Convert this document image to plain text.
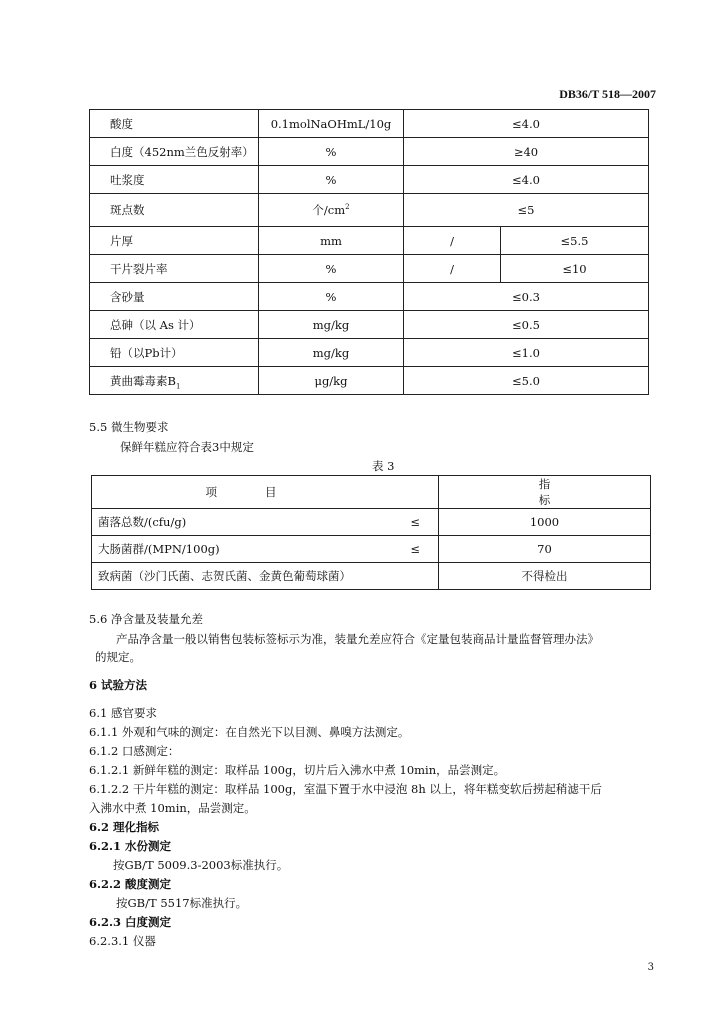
DB36/T 518—2007
酸度	0.1molNaOHmL/10g	≤4.0	
白度（452nm兰色反射率）	%	≥40	
吐浆度	%	≤4.0	
斑点数	个$/cm^2$	≤5	
片厚	mm	/	≤5.5
干片裂片率	%	/	≤10
含砂量	%	≤0.3	
总砷（以 As 计）	mg/kg	≤0.5	
铅（以Pb计）	mg/kg	≤1.0	
黄曲霉毒素$B_1$	μg/kg	≤5.0	
5.5 微生物要求
保鲜年糕应符合表3中规定
表 3
项目	指标
菌落总数/(cfu/g) ≤	1000
大肠菌群/(MPN/100g) ≤	70
致病菌（沙门氏菌、志贺氏菌、金黄色葡萄球菌）	不得检出
5.6 净含量及装量允差
产品净含量一般以销售包装标签标示为准，装量允差应符合《定量包装商品计量监督管理办法》
的规定。
6 试验方法
6.1 感官要求
6.1.1 外观和气味的测定：在自然光下以目测、鼻嗅方法测定。
6.1.2 口感测定：
6.1.2.1 新鲜年糕的测定：取样品 100g，切片后入沸水中煮 10min，品尝测定。
6.1.2.2 干片年糕的测定：取样品 100g，室温下置于水中浸泡 8h 以上，将年糕变软后捞起稍滤干后
入沸水中煮 10min，品尝测定。
6.2 理化指标
6.2.1 水份测定
按GB/T 5009.3-2003标准执行。
6.2.2 酸度测定
按GB/T 5517标准执行。
6.2.3 白度测定
6.2.3.1 仪器
3
